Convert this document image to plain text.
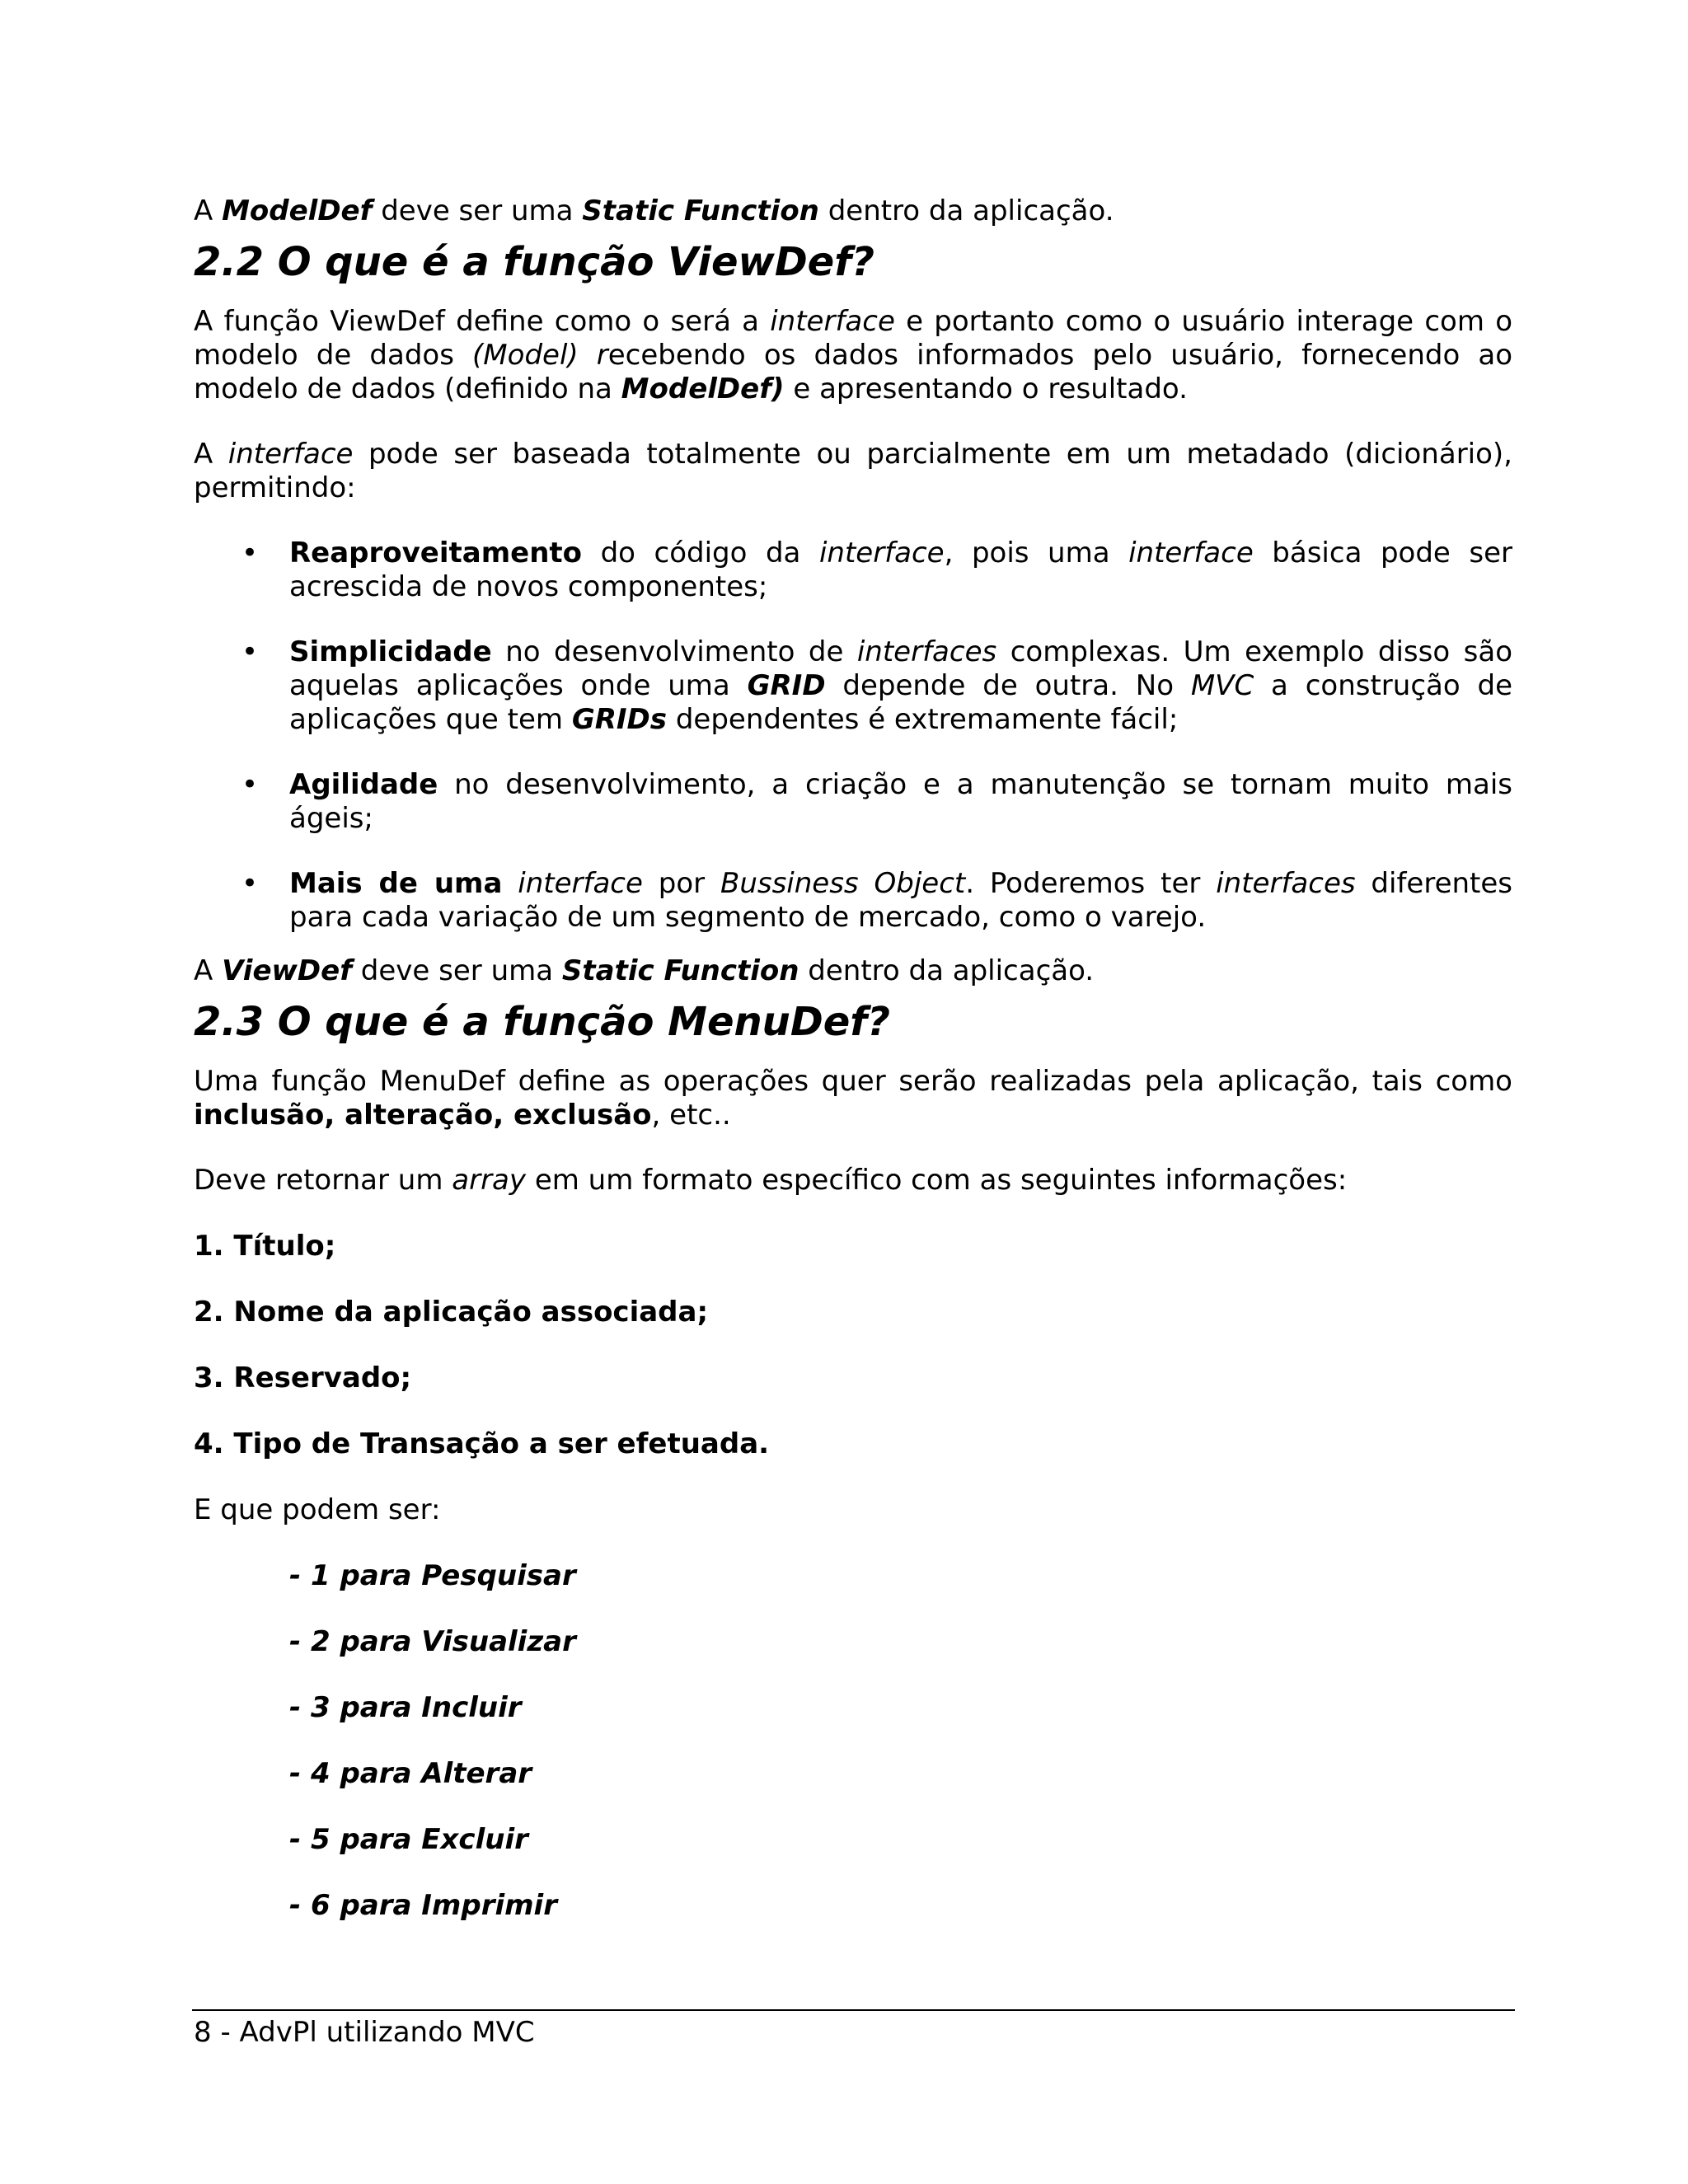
A ModelDef deve ser uma Static Function dentro da aplicação.

2.2 O que é a função ViewDef?

A função ViewDef define como o será a interface e portanto como o usuário interage com o modelo de dados (Model) recebendo os dados informados pelo usuário, fornecendo ao modelo de dados (definido na ModelDef) e apresentando o resultado.

A interface pode ser baseada totalmente ou parcialmente em um metadado (dicionário), permitindo:

• Reaproveitamento do código da interface, pois uma interface básica pode ser acrescida de novos componentes;
• Simplicidade no desenvolvimento de interfaces complexas. Um exemplo disso são aquelas aplicações onde uma GRID depende de outra. No MVC a construção de aplicações que tem GRIDs dependentes é extremamente fácil;
• Agilidade no desenvolvimento, a criação e a manutenção se tornam muito mais ágeis;
• Mais de uma interface por Bussiness Object. Poderemos ter interfaces diferentes para cada variação de um segmento de mercado, como o varejo.

A ViewDef deve ser uma Static Function dentro da aplicação.

2.3 O que é a função MenuDef?

Uma função MenuDef define as operações quer serão realizadas pela aplicação, tais como inclusão, alteração, exclusão, etc..

Deve retornar um array em um formato específico com as seguintes informações:

1. Título;

2. Nome da aplicação associada;

3. Reservado;

4. Tipo de Transação a ser efetuada.

E que podem ser:

- 1 para Pesquisar

- 2 para Visualizar

- 3 para Incluir

- 4 para Alterar

- 5 para Excluir

- 6 para Imprimir

8 - AdvPl utilizando MVC
